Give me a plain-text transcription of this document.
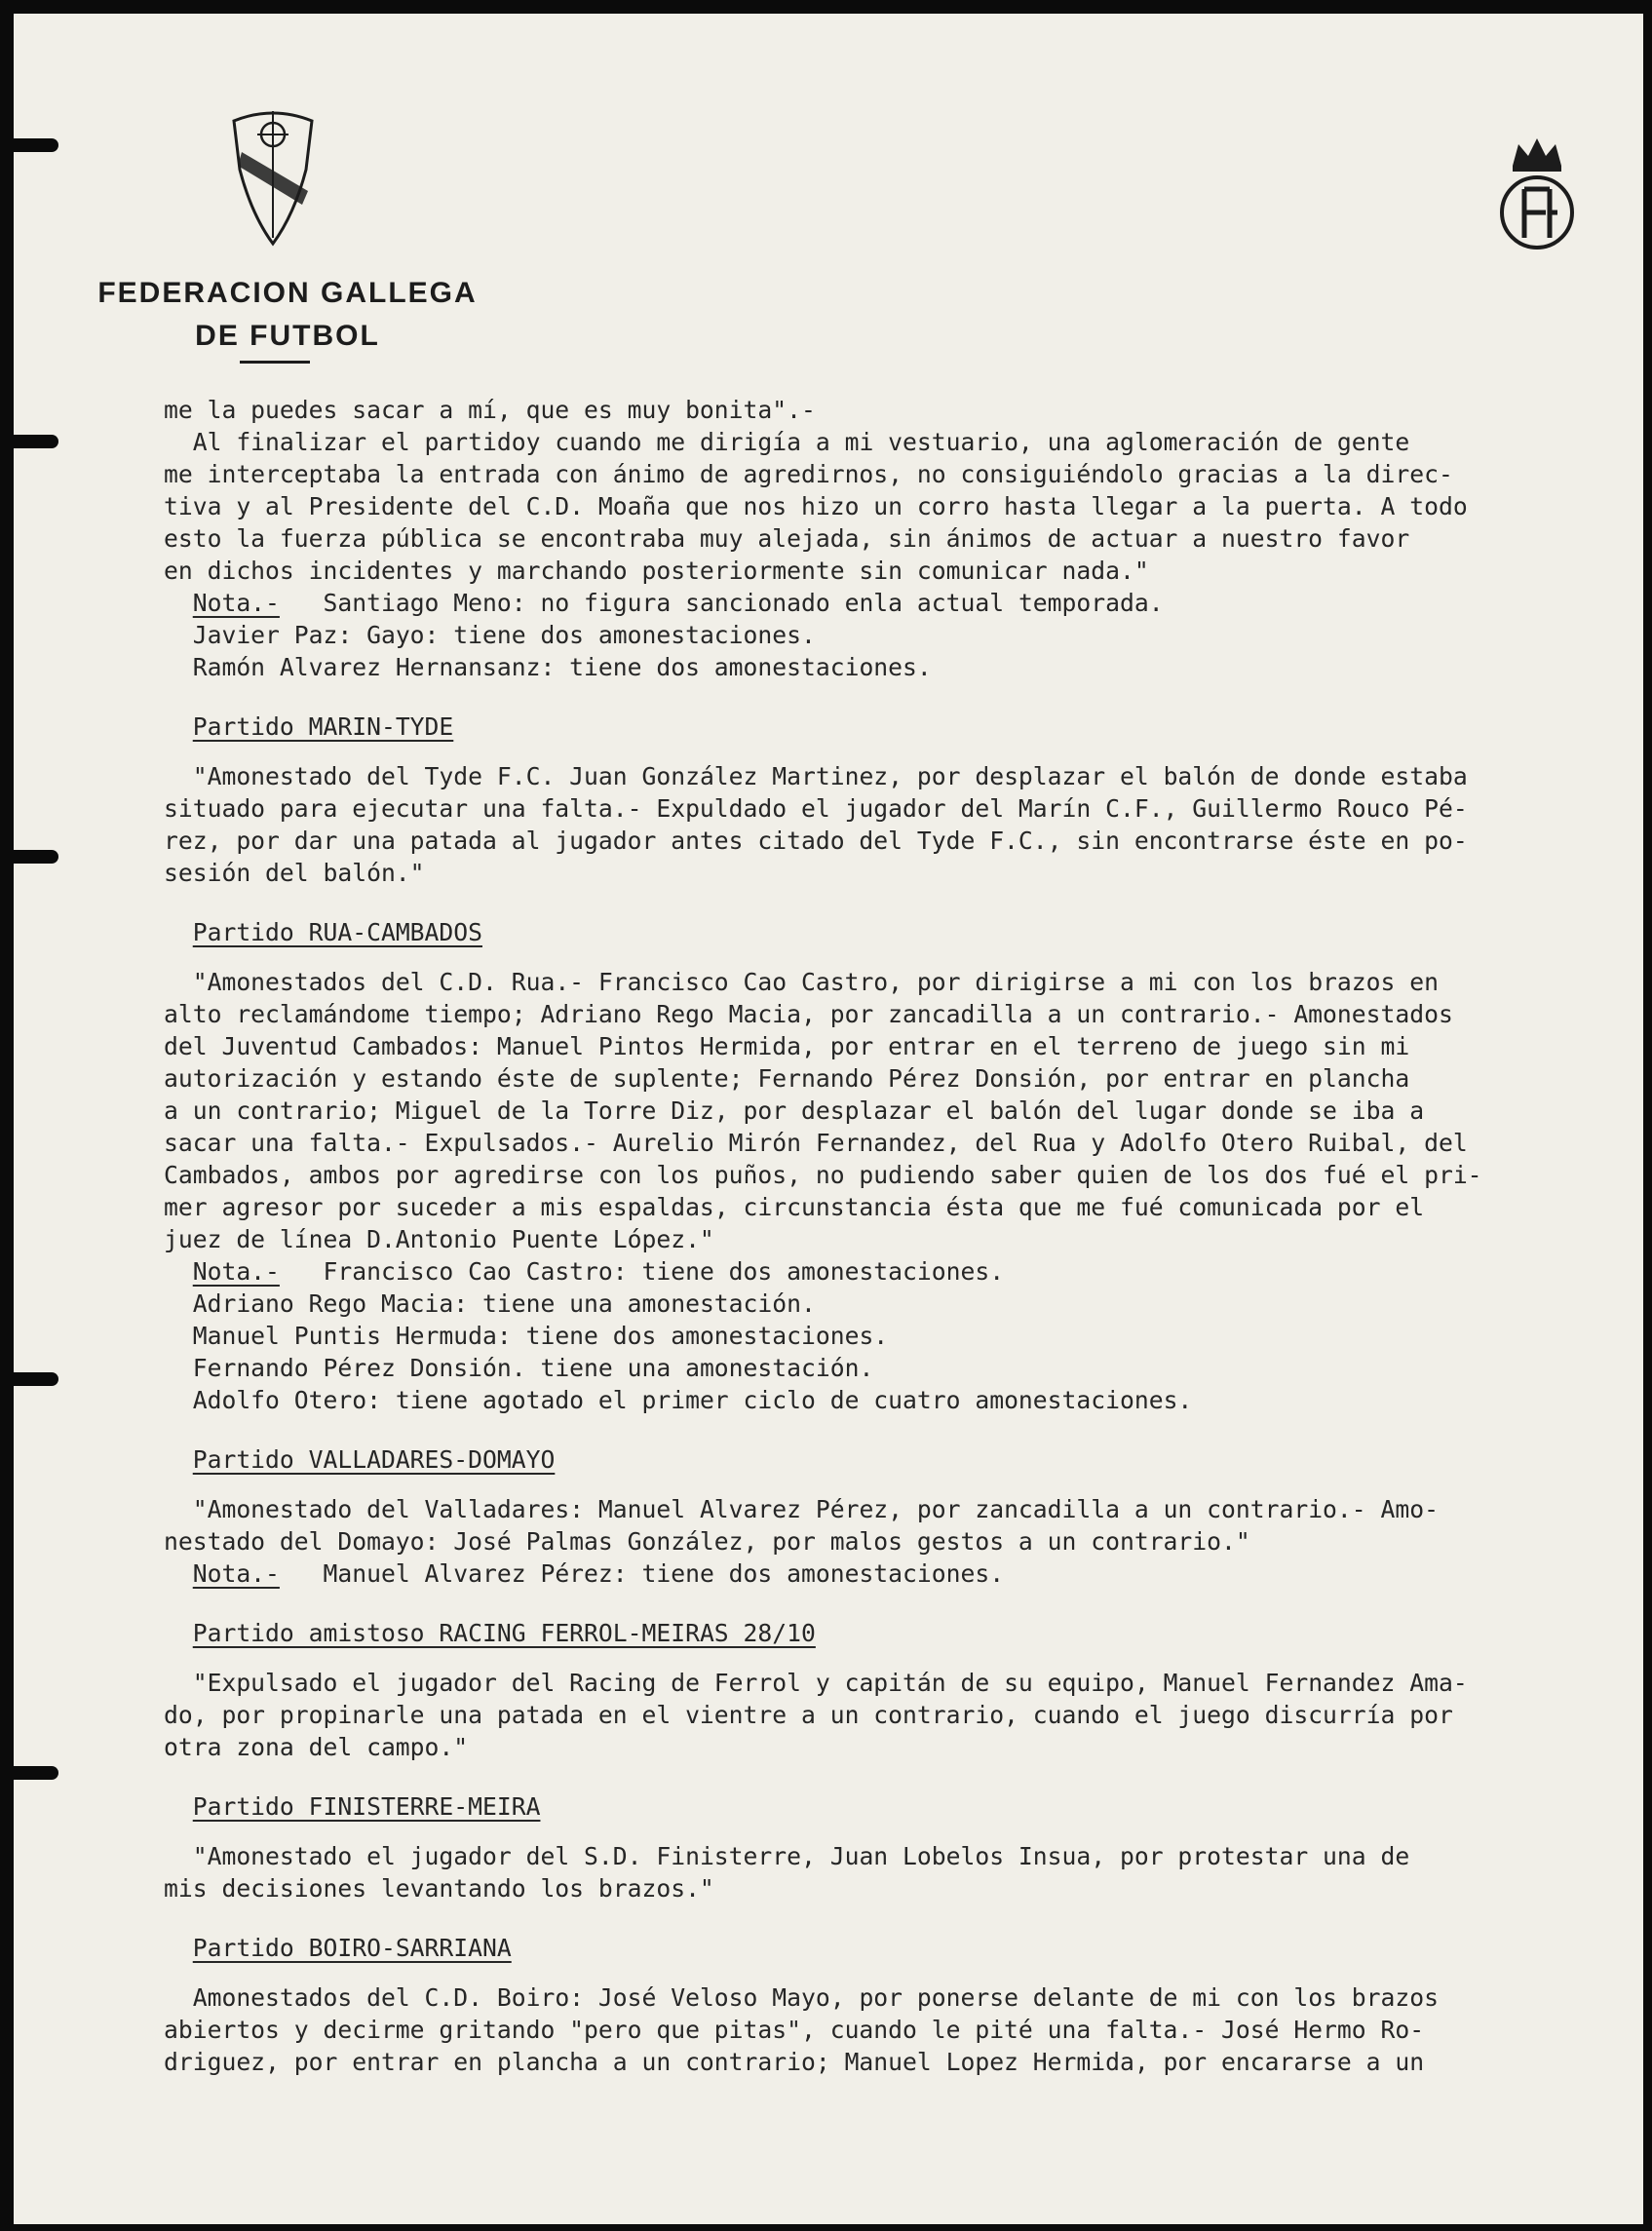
FEDERACION GALLEGA
DE FUTBOL
me la puedes sacar a mí, que es muy bonita".-
Al finalizar el partidoy cuando me dirigía a mi vestuario, una aglomeración de gente
me interceptaba la entrada con ánimo de agredirnos, no consiguiéndolo gracias a la direc-
tiva y al Presidente del C.D. Moaña que nos hizo un corro hasta llegar a la puerta. A todo
esto la fuerza pública se encontraba muy alejada, sin ánimos de actuar a nuestro favor
en dichos incidentes y marchando posteriormente sin comunicar nada."
Nota.-   Santiago Meno: no figura sancionado enla actual temporada.
Javier Paz: Gayo: tiene dos amonestaciones.
Ramón Alvarez Hernansanz: tiene dos amonestaciones.
Partido MARIN-TYDE
"Amonestado del Tyde F.C. Juan González Martinez, por desplazar el balón de donde estaba
situado para ejecutar una falta.- Expuldado el jugador del Marín C.F., Guillermo Rouco Pé-
rez, por dar una patada al jugador antes citado del Tyde F.C., sin encontrarse éste en po-
sesión del balón."
Partido RUA-CAMBADOS
"Amonestados del C.D. Rua.- Francisco Cao Castro, por dirigirse a mi con los brazos en
alto reclamándome tiempo; Adriano Rego Macia, por zancadilla a un contrario.- Amonestados
del Juventud Cambados: Manuel Pintos Hermida, por entrar en el terreno de juego sin mi
autorización y estando éste de suplente; Fernando Pérez Donsión, por entrar en plancha
a un contrario; Miguel de la Torre Diz, por desplazar el balón del lugar donde se iba a
sacar una falta.- Expulsados.- Aurelio Mirón Fernandez, del Rua y Adolfo Otero Ruibal, del
Cambados, ambos por agredirse con los puños, no pudiendo saber quien de los dos fué el pri-
mer agresor por suceder a mis espaldas, circunstancia ésta que me fué comunicada por el
juez de línea D.Antonio Puente López."
Nota.-   Francisco Cao Castro: tiene dos amonestaciones.
Adriano Rego Macia: tiene una amonestación.
Manuel Puntis Hermuda: tiene dos amonestaciones.
Fernando Pérez Donsión. tiene una amonestación.
Adolfo Otero: tiene agotado el primer ciclo de cuatro amonestaciones.
Partido VALLADARES-DOMAYO
"Amonestado del Valladares: Manuel Alvarez Pérez, por zancadilla a un contrario.- Amo-
nestado del Domayo: José Palmas González, por malos gestos a un contrario."
Nota.-   Manuel Alvarez Pérez: tiene dos amonestaciones.
Partido amistoso RACING FERROL-MEIRAS 28/10
"Expulsado el jugador del Racing de Ferrol y capitán de su equipo, Manuel Fernandez Ama-
do, por propinarle una patada en el vientre a un contrario, cuando el juego discurría por
otra zona del campo."
Partido FINISTERRE-MEIRA
"Amonestado el jugador del S.D. Finisterre, Juan Lobelos Insua, por protestar una de
mis decisiones levantando los brazos."
Partido BOIRO-SARRIANA
Amonestados del C.D. Boiro: José Veloso Mayo, por ponerse delante de mi con los brazos
abiertos y decirme gritando "pero que pitas", cuando le pité una falta.- José Hermo Ro-
driguez, por entrar en plancha a un contrario; Manuel Lopez Hermida, por encararse a un
